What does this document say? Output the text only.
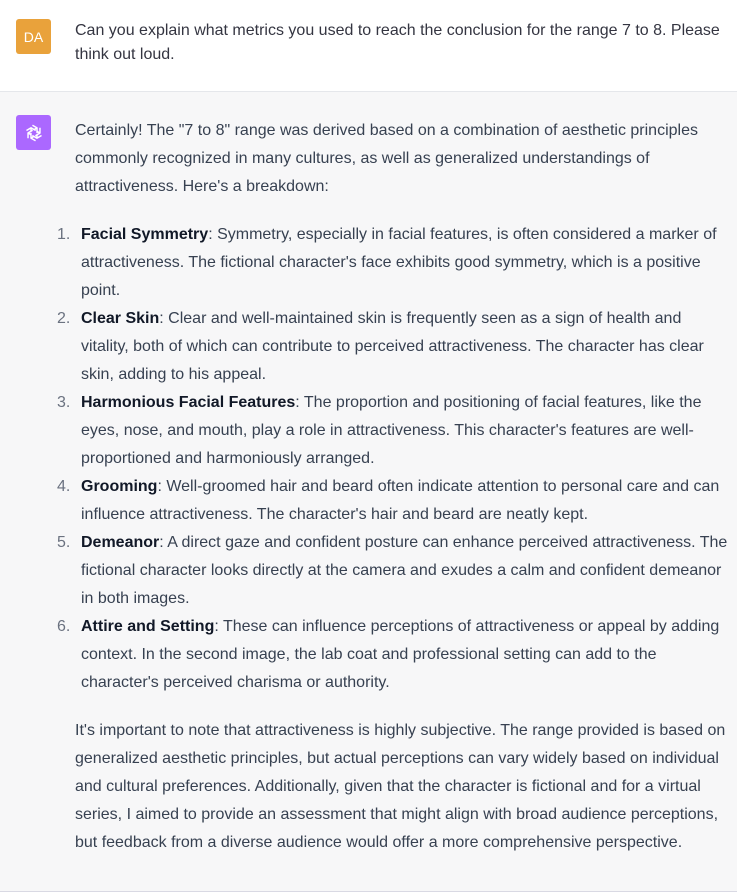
DA	Can you explain what metrics you used to reach the conclusion for the range 7 to 8. Please think out loud.

Certainly! The "7 to 8" range was derived based on a combination of aesthetic principles commonly recognized in many cultures, as well as generalized understandings of attractiveness. Here's a breakdown:

1. Facial Symmetry: Symmetry, especially in facial features, is often considered a marker of attractiveness. The fictional character's face exhibits good symmetry, which is a positive point.
2. Clear Skin: Clear and well-maintained skin is frequently seen as a sign of health and vitality, both of which can contribute to perceived attractiveness. The character has clear skin, adding to his appeal.
3. Harmonious Facial Features: The proportion and positioning of facial features, like the eyes, nose, and mouth, play a role in attractiveness. This character's features are well-proportioned and harmoniously arranged.
4. Grooming: Well-groomed hair and beard often indicate attention to personal care and can influence attractiveness. The character's hair and beard are neatly kept.
5. Demeanor: A direct gaze and confident posture can enhance perceived attractiveness. The fictional character looks directly at the camera and exudes a calm and confident demeanor in both images.
6. Attire and Setting: These can influence perceptions of attractiveness or appeal by adding context. In the second image, the lab coat and professional setting can add to the character's perceived charisma or authority.

It's important to note that attractiveness is highly subjective. The range provided is based on generalized aesthetic principles, but actual perceptions can vary widely based on individual and cultural preferences. Additionally, given that the character is fictional and for a virtual series, I aimed to provide an assessment that might align with broad audience perceptions, but feedback from a diverse audience would offer a more comprehensive perspective.
